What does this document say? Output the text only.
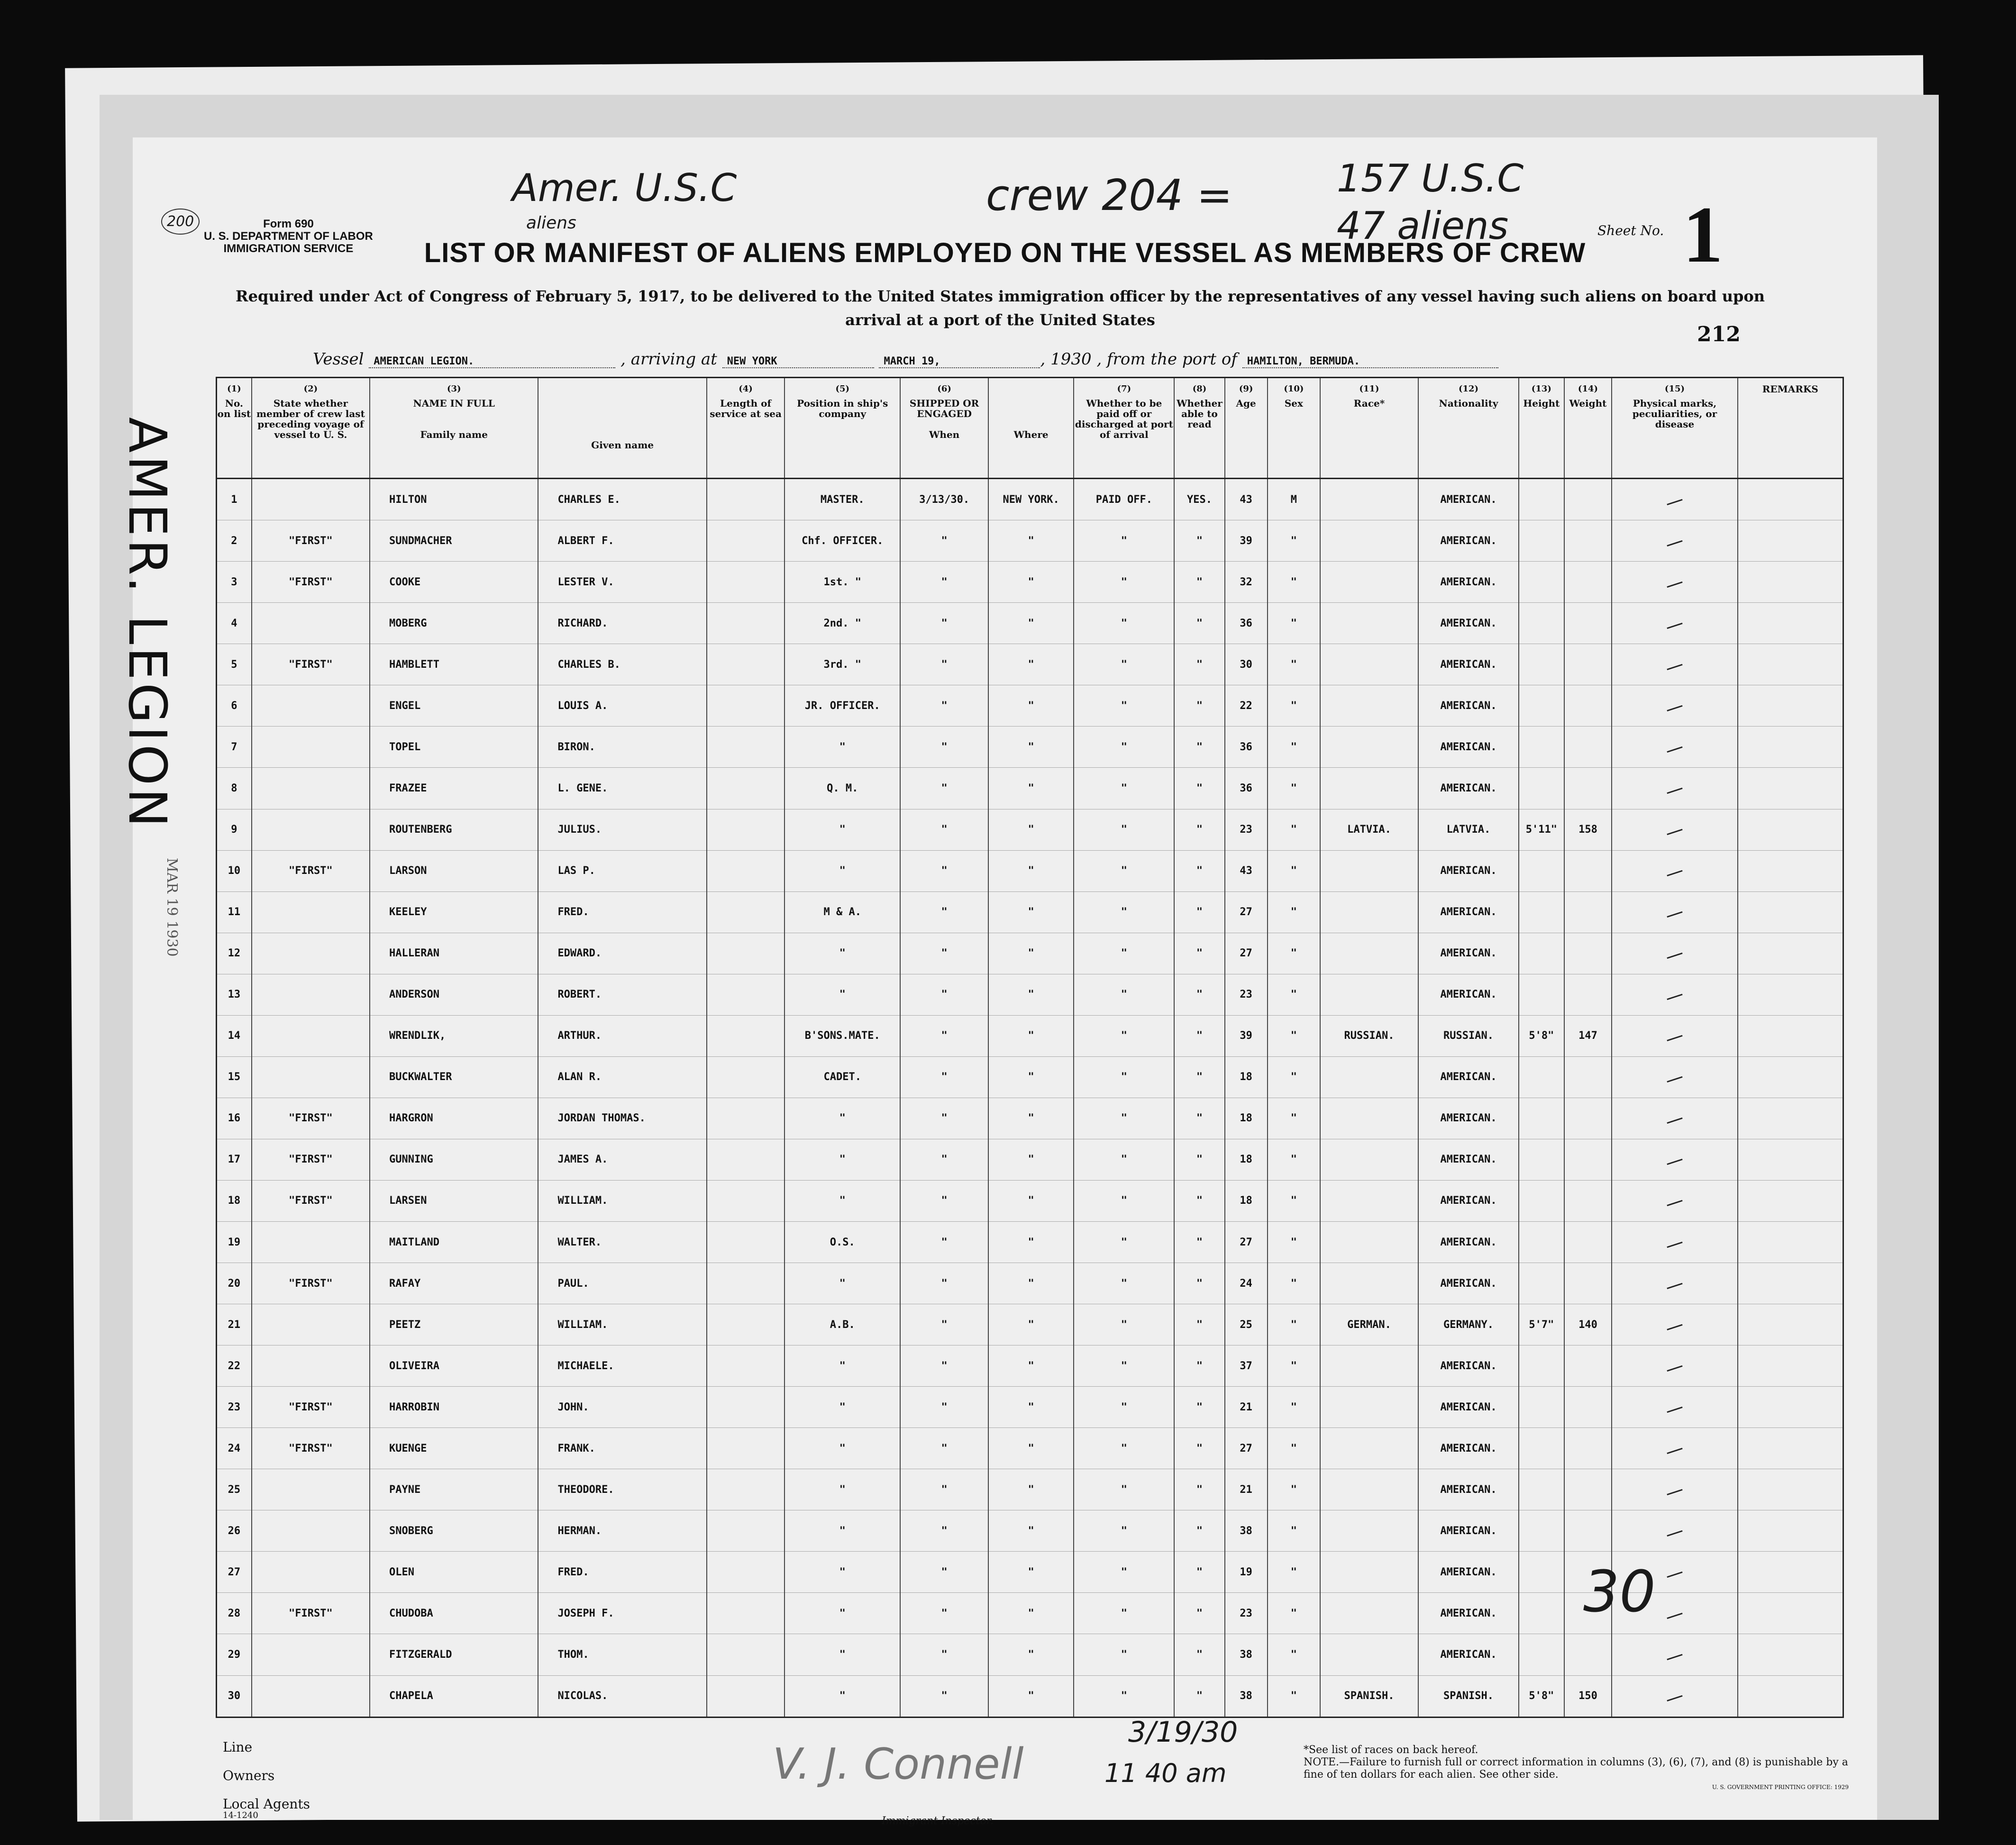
Form 690
U. S. DEPARTMENT OF LABOR
IMMIGRATION SERVICE
200
Amer. U.S.C
aliens
crew 204 =	157 U.S.C
47 aliens	Sheet No. 1
LIST OR MANIFEST OF ALIENS EMPLOYED ON THE VESSEL AS MEMBERS OF CREW
Required under Act of Congress of February 5, 1917, to be delivered to the United States immigration officer by the representatives of any vessel having such aliens on board upon arrival at a port of the United States
212
Vessel AMERICAN LEGION.	, arriving at NEW YORK	MARCH 19,	, 1930 , from the port of HAMILTON, BERMUDA.
(1)
No. on list	(2)
State whether member of crew last preceding voyage of vessel to U. S.	(3)
NAME IN FULL

Family name	Given name	(4)
Length of service at sea	(5)
Position in ship's company	(6)
SHIPPED OR ENGAGED

When	Where	(7)
Whether to be paid off or discharged at port of arrival	(8)
Whether able to read	(9)
Age	(10)
Sex	(11)
Race*	(12)
Nationality	(13)
Height	(14)
Weight	(15)
Physical marks, peculiarities, or disease	REMARKS
1		HILTON	CHARLES E.		MASTER.	3/13/30.	NEW YORK.	PAID OFF.	YES.	43	M		AMERICAN.				
2	"FIRST"	SUNDMACHER	ALBERT F.		Chf. OFFICER.	"	"	"	"	39	"		AMERICAN.				
3	"FIRST"	COOKE	LESTER V.		1st. "	"	"	"	"	32	"		AMERICAN.				
4		MOBERG	RICHARD.		2nd. "	"	"	"	"	36	"		AMERICAN.				
5	"FIRST"	HAMBLETT	CHARLES B.		3rd. "	"	"	"	"	30	"		AMERICAN.				
6		ENGEL	LOUIS A.		JR. OFFICER.	"	"	"	"	22	"		AMERICAN.				
7		TOPEL	BIRON.		"	"	"	"	"	36	"		AMERICAN.				
8		FRAZEE	L. GENE.		Q. M.	"	"	"	"	36	"		AMERICAN.				
9		ROUTENBERG	JULIUS.		"	"	"	"	"	23	"	LATVIA.	LATVIA.	5'11"	158		
10	"FIRST"	LARSON	LAS P.		"	"	"	"	"	43	"		AMERICAN.				
11		KEELEY	FRED.		M & A.	"	"	"	"	27	"		AMERICAN.				
12		HALLERAN	EDWARD.		"	"	"	"	"	27	"		AMERICAN.				
13		ANDERSON	ROBERT.		"	"	"	"	"	23	"		AMERICAN.				
14		WRENDLIK,	ARTHUR.		B'SONS.MATE.	"	"	"	"	39	"	RUSSIAN.	RUSSIAN.	5'8"	147		
15		BUCKWALTER	ALAN R.		CADET.	"	"	"	"	18	"		AMERICAN.				
16	"FIRST"	HARGRON	JORDAN THOMAS.		"	"	"	"	"	18	"		AMERICAN.				
17	"FIRST"	GUNNING	JAMES A.		"	"	"	"	"	18	"		AMERICAN.				
18	"FIRST"	LARSEN	WILLIAM.		"	"	"	"	"	18	"		AMERICAN.				
19		MAITLAND	WALTER.		O.S.	"	"	"	"	27	"		AMERICAN.				
20	"FIRST"	RAFAY	PAUL.		"	"	"	"	"	24	"		AMERICAN.				
21		PEETZ	WILLIAM.		A.B.	"	"	"	"	25	"	GERMAN.	GERMANY.	5'7"	140		
22		OLIVEIRA	MICHAELE.		"	"	"	"	"	37	"		AMERICAN.				
23	"FIRST"	HARROBIN	JOHN.		"	"	"	"	"	21	"		AMERICAN.				
24	"FIRST"	KUENGE	FRANK.		"	"	"	"	"	27	"		AMERICAN.				
25		PAYNE	THEODORE.		"	"	"	"	"	21	"		AMERICAN.				
26		SNOBERG	HERMAN.		"	"	"	"	"	38	"		AMERICAN.				
27		OLEN	FRED.		"	"	"	"	"	19	"		AMERICAN.				
28	"FIRST"	CHUDOBA	JOSEPH F.		"	"	"	"	"	23	"		AMERICAN.				
29		FITZGERALD	THOM.		"	"	"	"	"	38	"		AMERICAN.				
30		CHAPELA	NICOLAS.		"	"	"	"	"	38	"	SPANISH.	SPANISH.	5'8"	150		
AMER. LEGION
MAR 19 1930
30
Line
Owners
Local Agents
14-1240
V. J. Connell
3/19/30
11 40 am
Immigrant Inspector.
*See list of races on back hereof.
NOTE.—Failure to furnish full or correct information in columns (3), (6), (7), and (8) is punishable by a fine of ten dollars for each alien. See other side.
U. S. GOVERNMENT PRINTING OFFICE: 1929
